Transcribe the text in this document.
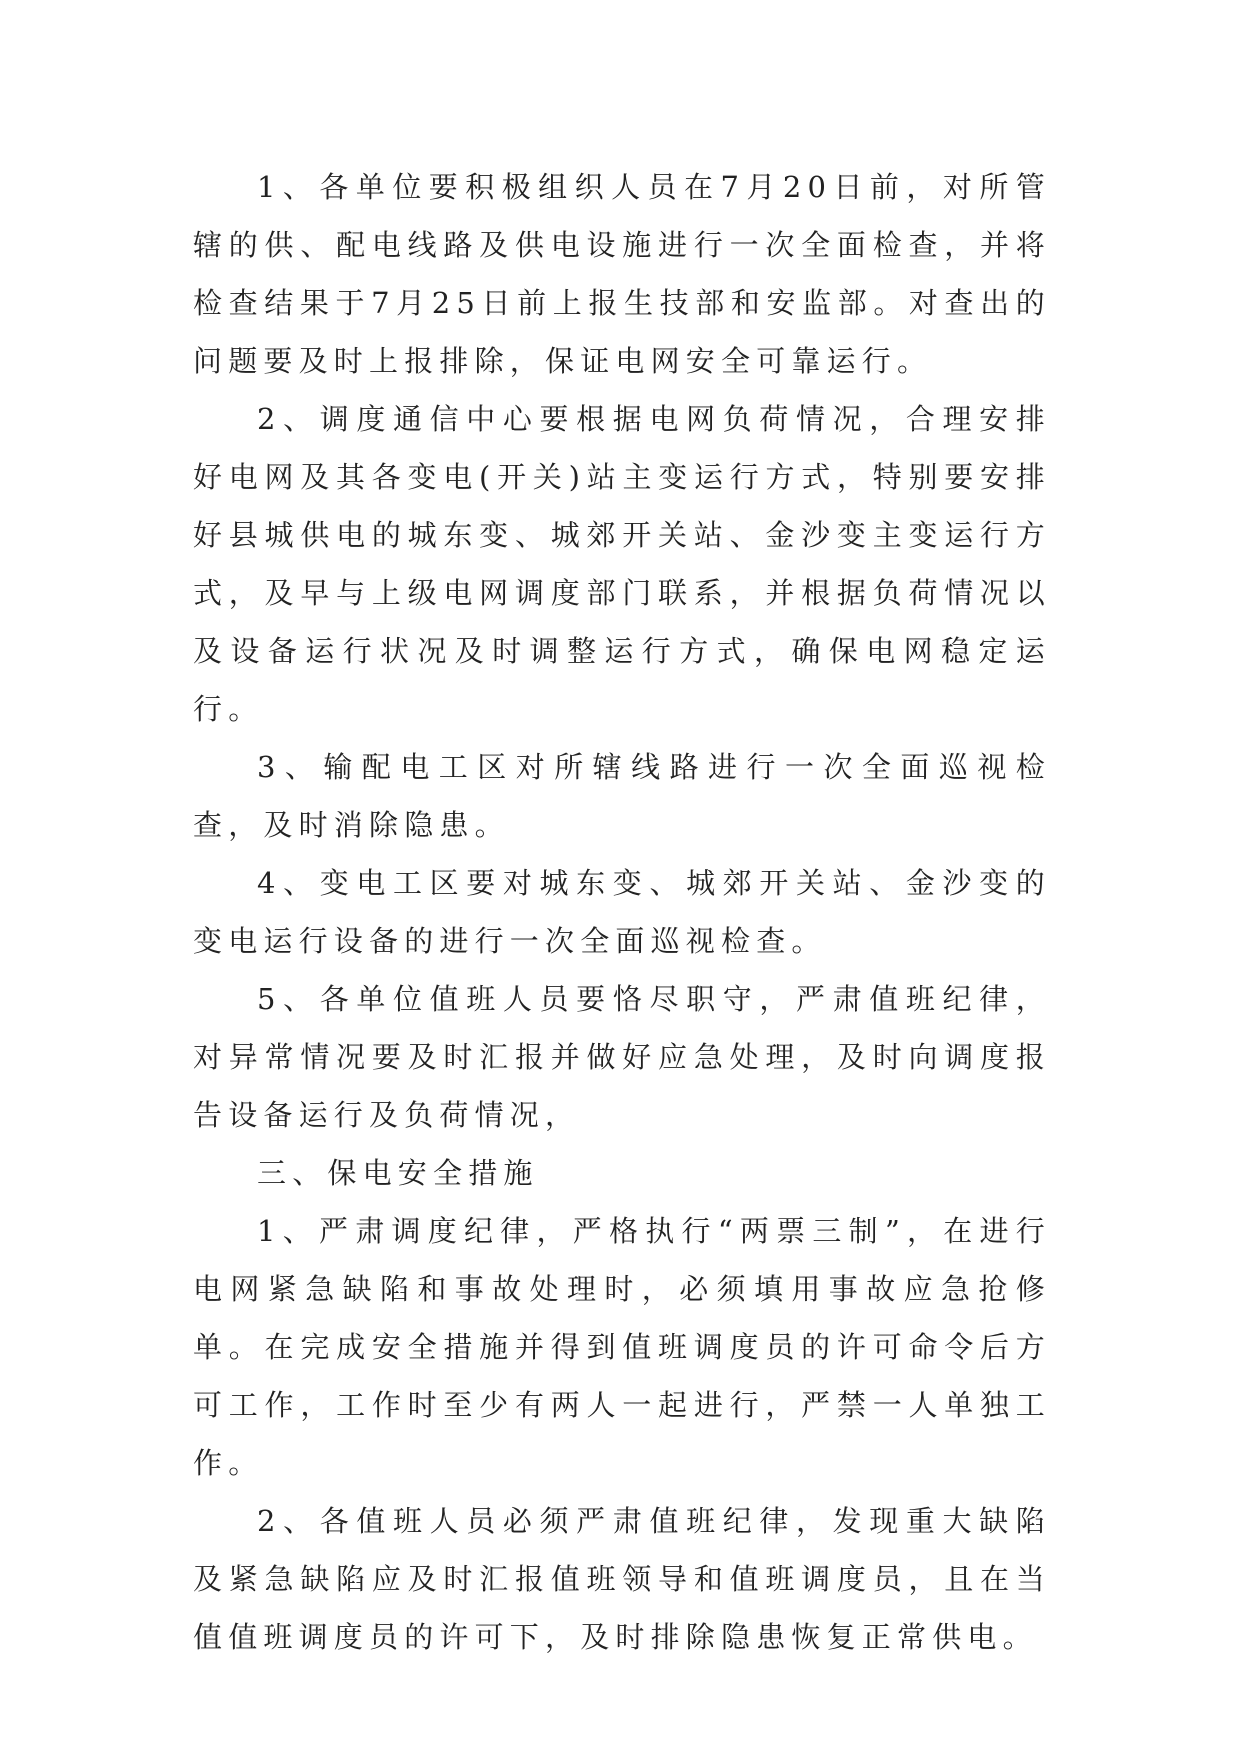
1、各单位要积极组织人员在7月20日前，对所管辖的供、配电线路及供电设施进行一次全面检查，并将检查结果于7月25日前上报生技部和安监部。对查出的问题要及时上报排除，保证电网安全可靠运行。

2、调度通信中心要根据电网负荷情况，合理安排好电网及其各变电(开关)站主变运行方式，特别要安排好县城供电的城东变、城郊开关站、金沙变主变运行方式，及早与上级电网调度部门联系，并根据负荷情况以及设备运行状况及时调整运行方式，确保电网稳定运行。

3、输配电工区对所辖线路进行一次全面巡视检查，及时消除隐患。

4、变电工区要对城东变、城郊开关站、金沙变的变电运行设备的进行一次全面巡视检查。

5、各单位值班人员要恪尽职守，严肃值班纪律，对异常情况要及时汇报并做好应急处理，及时向调度报告设备运行及负荷情况，

三、保电安全措施

1、严肃调度纪律，严格执行“两票三制”，在进行电网紧急缺陷和事故处理时，必须填用事故应急抢修单。在完成安全措施并得到值班调度员的许可命令后方可工作，工作时至少有两人一起进行，严禁一人单独工作。

2、各值班人员必须严肃值班纪律，发现重大缺陷及紧急缺陷应及时汇报值班领导和值班调度员，且在当值值班调度员的许可下，及时排除隐患恢复正常供电。
